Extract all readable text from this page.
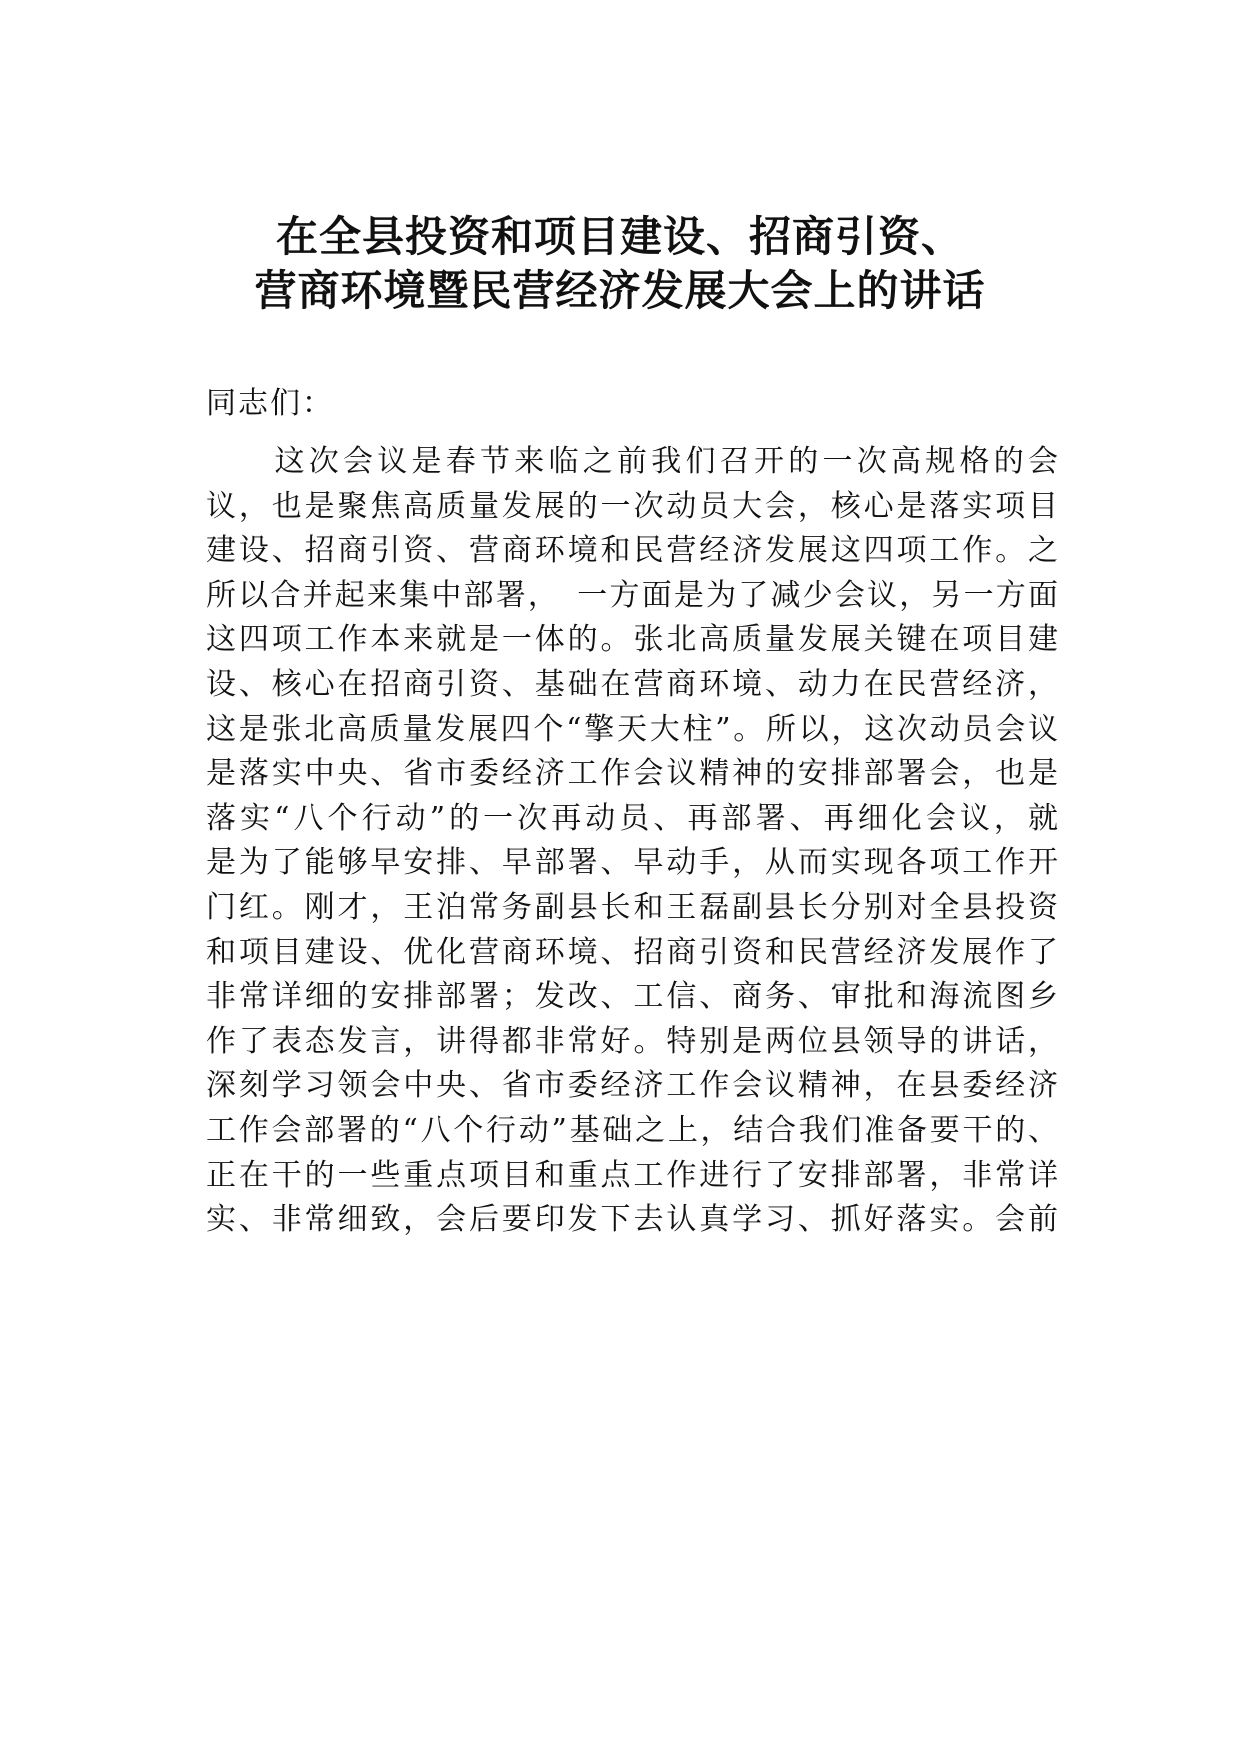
在全县投资和项目建设、招商引资、
营商环境暨民营经济发展大会上的讲话

同志们：

　　这次会议是春节来临之前我们召开的一次高规格的会
议，也是聚焦高质量发展的一次动员大会，核心是落实项目
建设、招商引资、营商环境和民营经济发展这四项工作。之
所以合并起来集中部署，　一方面是为了减少会议，另一方面
这四项工作本来就是一体的。张北高质量发展关键在项目建
设、核心在招商引资、基础在营商环境、动力在民营经济，
这是张北高质量发展四个“擎天大柱”。所以，这次动员会议
是落实中央、省市委经济工作会议精神的安排部署会，也是
落实“八个行动”的一次再动员、再部署、再细化会议，就
是为了能够早安排、早部署、早动手，从而实现各项工作开
门红。刚才，王泊常务副县长和王磊副县长分别对全县投资
和项目建设、优化营商环境、招商引资和民营经济发展作了
非常详细的安排部署；发改、工信、商务、审批和海流图乡
作了表态发言，讲得都非常好。特别是两位县领导的讲话，
深刻学习领会中央、省市委经济工作会议精神，在县委经济
工作会部署的“八个行动”基础之上，结合我们准备要干的、
正在干的一些重点项目和重点工作进行了安排部署，非常详
实、非常细致，会后要印发下去认真学习、抓好落实。会前
